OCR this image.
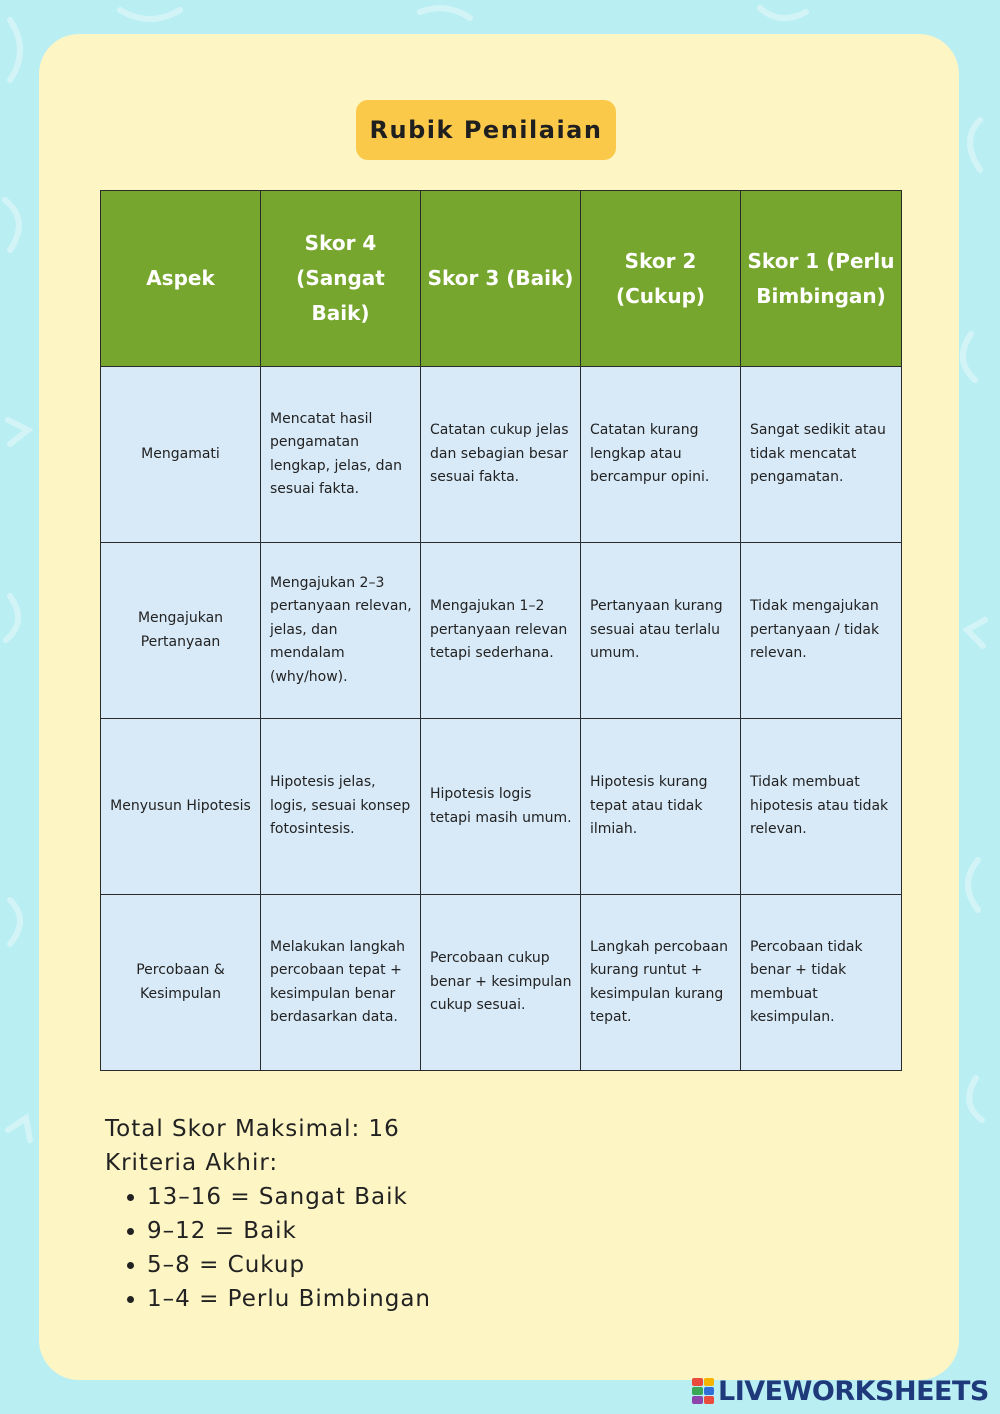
Rubik Penilaian
Aspek	Skor 4 (Sangat Baik)	Skor 3 (Baik)	Skor 2 (Cukup)	Skor 1 (Perlu Bimbingan)
Mengamati	Mencatat hasil pengamatan lengkap, jelas, dan sesuai fakta.	Catatan cukup jelas dan sebagian besar sesuai fakta.	Catatan kurang lengkap atau bercampur opini.	Sangat sedikit atau tidak mencatat pengamatan.
Mengajukan Pertanyaan	Mengajukan 2–3 pertanyaan relevan, jelas, dan mendalam (why/how).	Mengajukan 1–2 pertanyaan relevan tetapi sederhana.	Pertanyaan kurang sesuai atau terlalu umum.	Tidak mengajukan pertanyaan / tidak relevan.
Menyusun Hipotesis	Hipotesis jelas, logis, sesuai konsep fotosintesis.	Hipotesis logis tetapi masih umum.	Hipotesis kurang tepat atau tidak ilmiah.	Tidak membuat hipotesis atau tidak relevan.
Percobaan & Kesimpulan	Melakukan langkah percobaan tepat + kesimpulan benar berdasarkan data.	Percobaan cukup benar + kesimpulan cukup sesuai.	Langkah percobaan kurang runtut + kesimpulan kurang tepat.	Percobaan tidak benar + tidak membuat kesimpulan.
Total Skor Maksimal: 16
Kriteria Akhir:
• 13–16 = Sangat Baik
• 9–12 = Baik
• 5–8 = Cukup
• 1–4 = Perlu Bimbingan
LIVEWORKSHEETS
